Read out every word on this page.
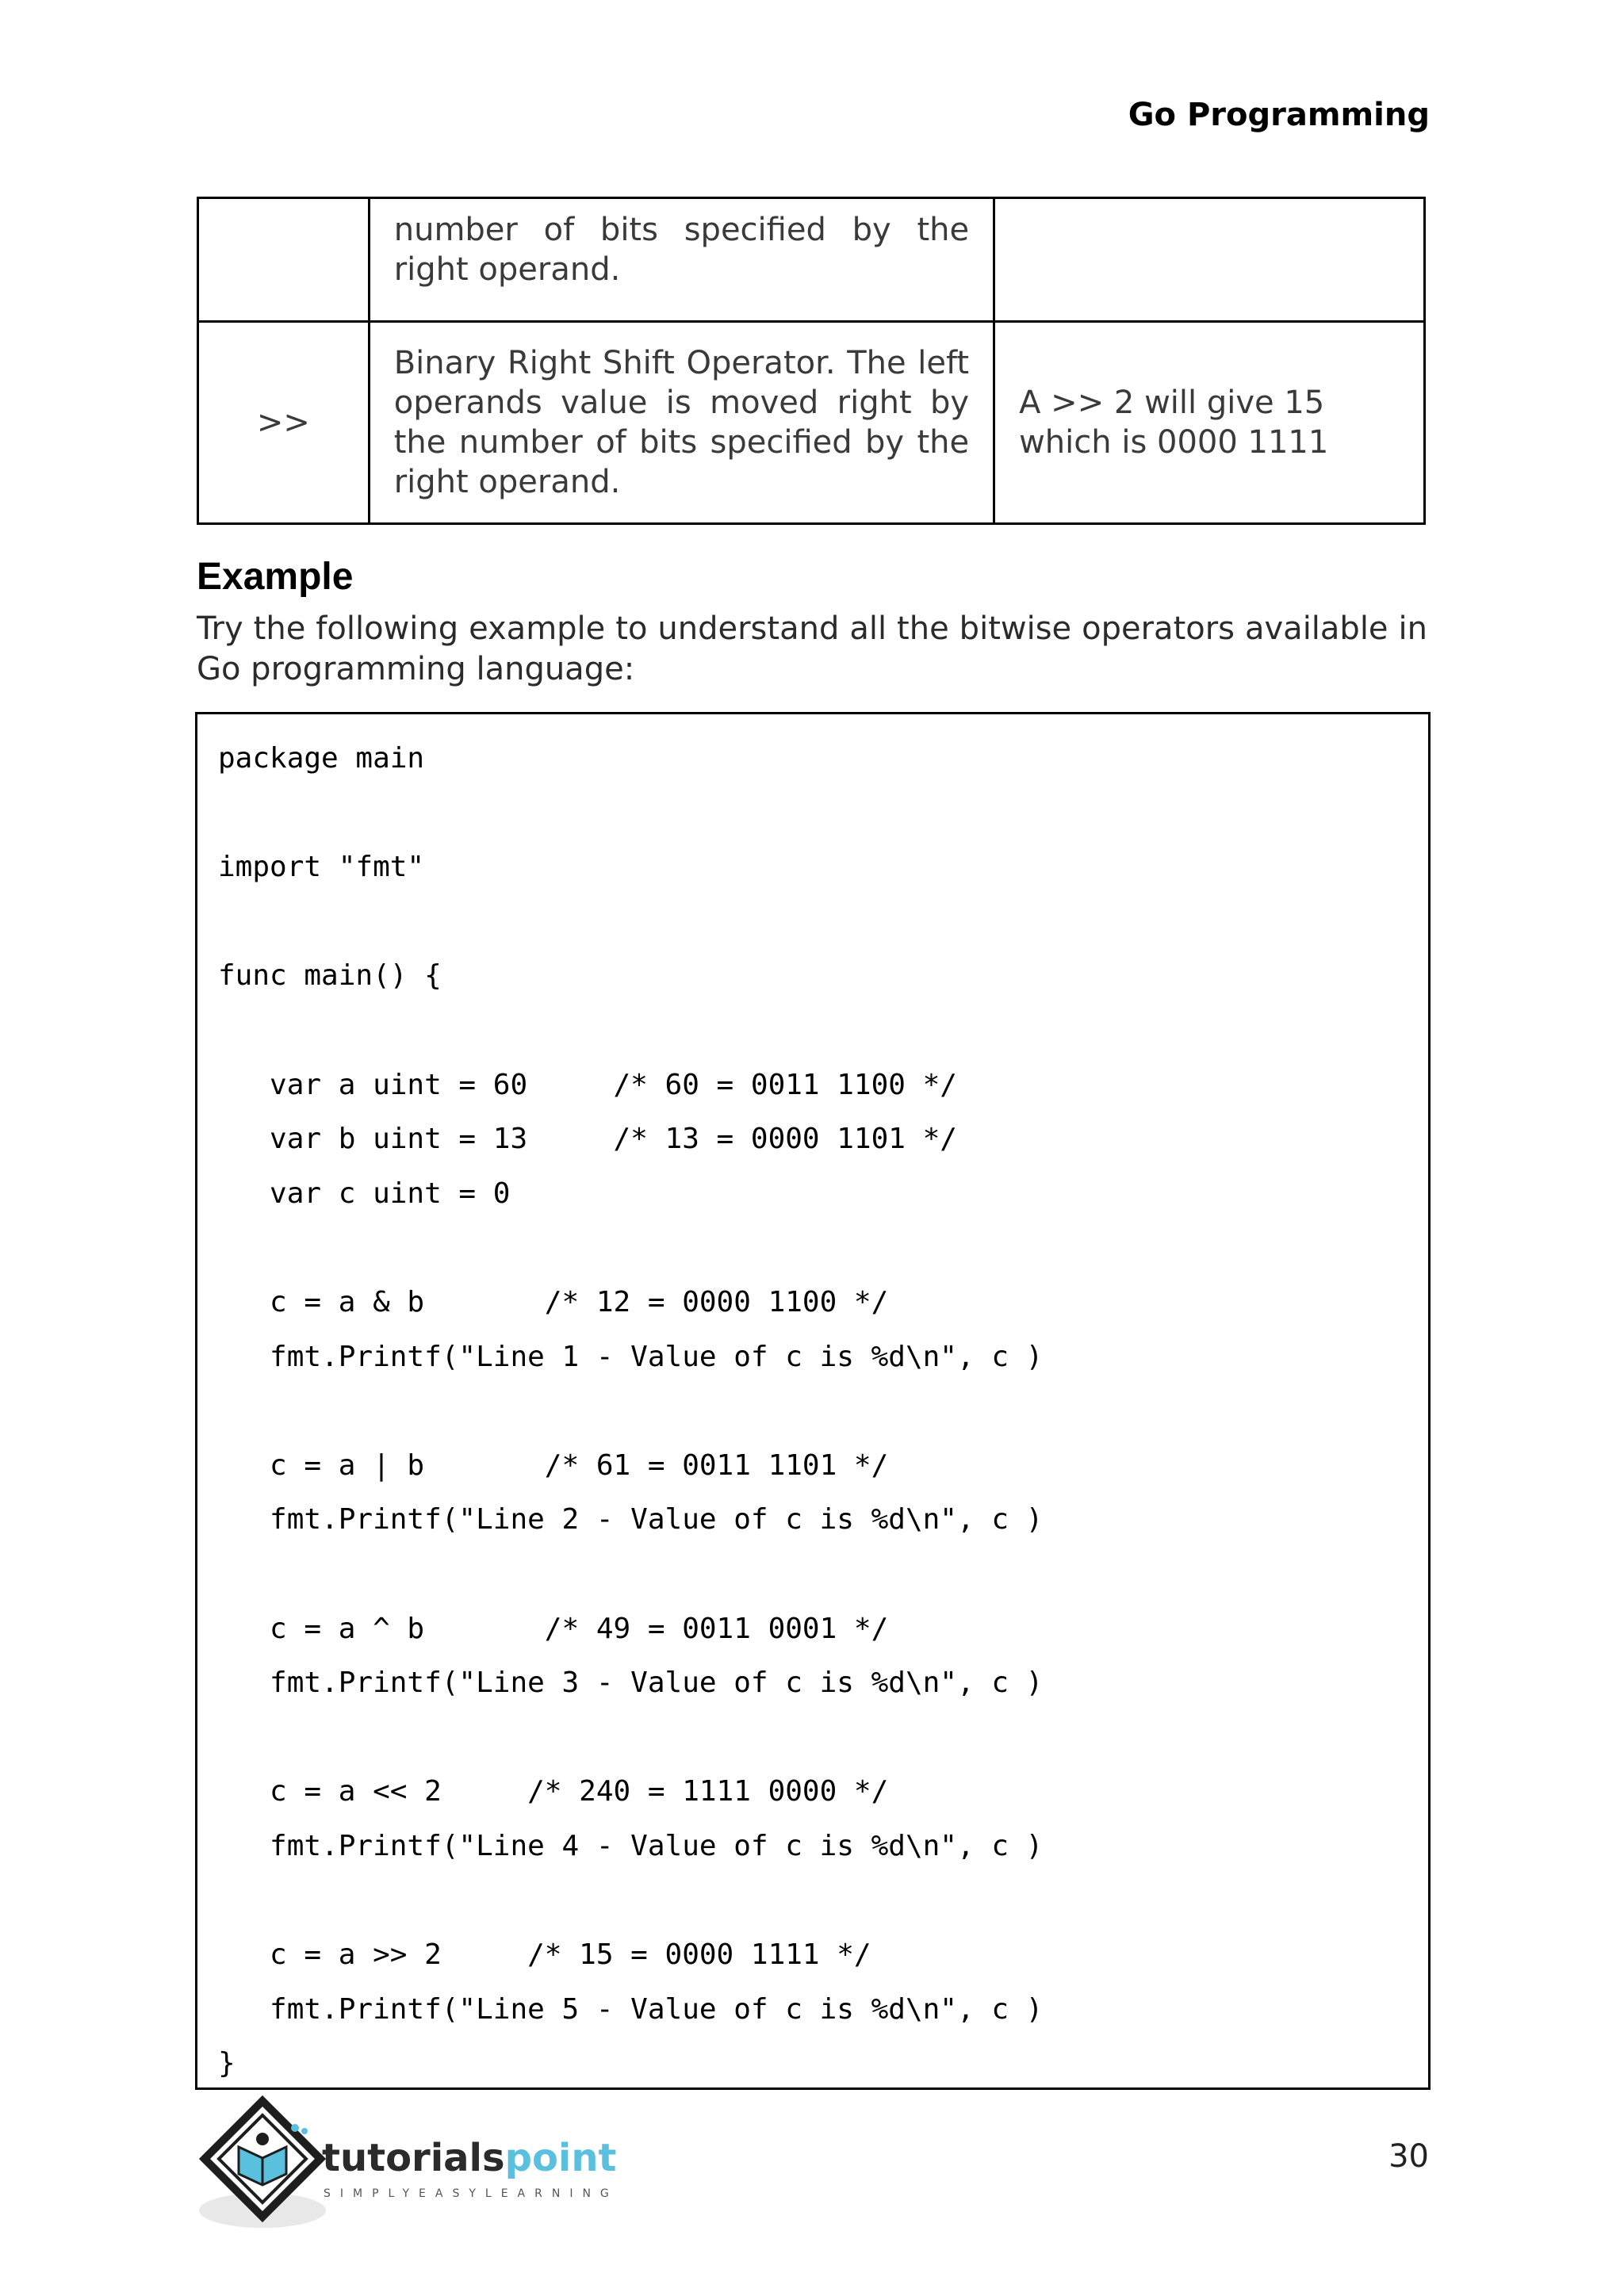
Go Programming
	number of bits specified by the right operand.	
>>	Binary Right Shift Operator. The left operands value is moved right by the number of bits specified by the right operand.	A >> 2 will give 15 which is 0000 1111
Example
Try the following example to understand all the bitwise operators available in Go programming language:
package main

import "fmt"

func main() {

var a uint = 60     /* 60 = 0011 1100 */
var b uint = 13     /* 13 = 0000 1101 */
var c uint = 0

c = a & b       /* 12 = 0000 1100 */
fmt.Printf("Line 1 - Value of c is %d\n", c )

c = a | b       /* 61 = 0011 1101 */
fmt.Printf("Line 2 - Value of c is %d\n", c )

c = a ^ b       /* 49 = 0011 0001 */
fmt.Printf("Line 3 - Value of c is %d\n", c )

c = a << 2     /* 240 = 1111 0000 */
fmt.Printf("Line 4 - Value of c is %d\n", c )

c = a >> 2     /* 15 = 0000 1111 */
fmt.Printf("Line 5 - Value of c is %d\n", c )
}
tutorialspoint
SIMPLYEASYLEARNING
30
